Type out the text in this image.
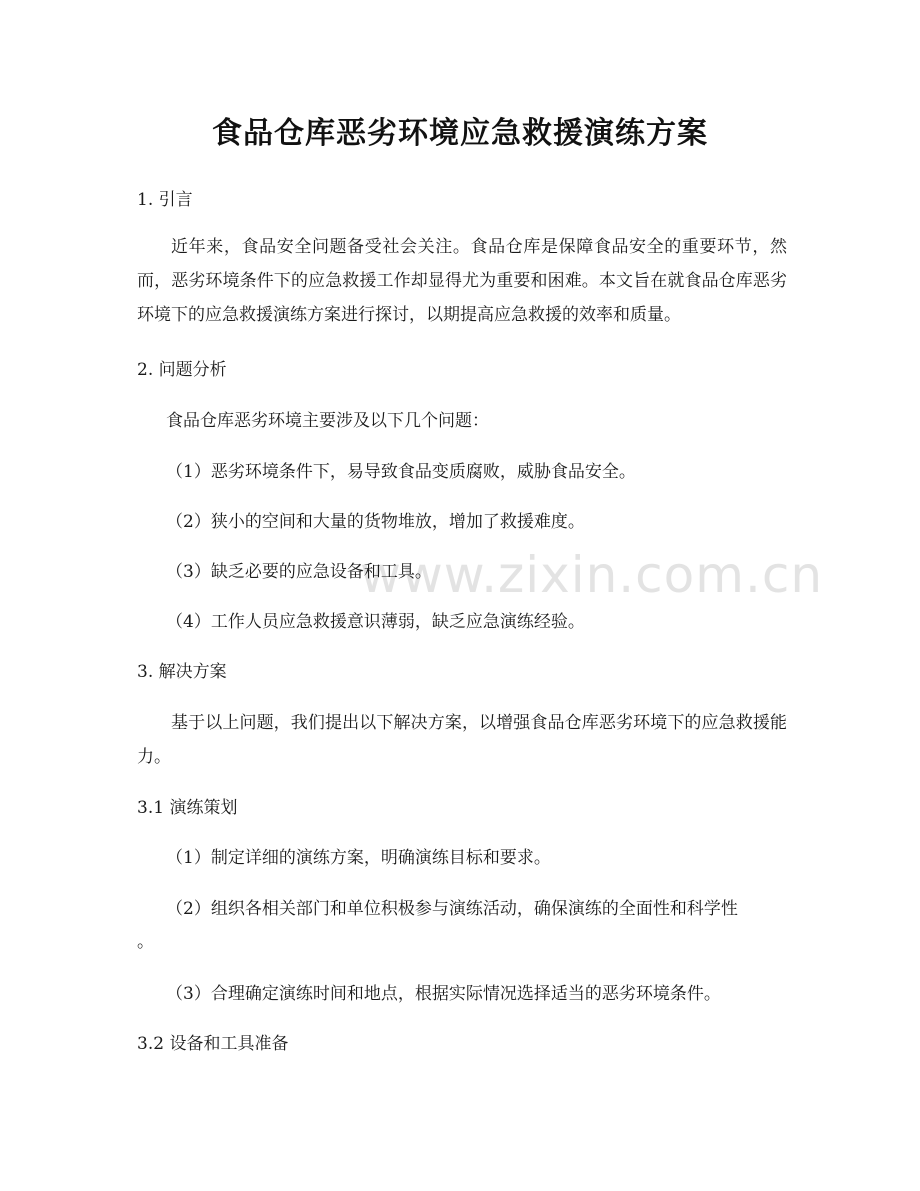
www.zixin.com.cn
食品仓库恶劣环境应急救援演练方案
1. 引言
近年来，食品安全问题备受社会关注。食品仓库是保障食品安全的重要环节，然而，恶劣环境条件下的应急救援工作却显得尤为重要和困难。本文旨在就食品仓库恶劣环境下的应急救援演练方案进行探讨，以期提高应急救援的效率和质量。
2. 问题分析
食品仓库恶劣环境主要涉及以下几个问题：
（1）恶劣环境条件下，易导致食品变质腐败，威胁食品安全。
（2）狭小的空间和大量的货物堆放，增加了救援难度。
（3）缺乏必要的应急设备和工具。
（4）工作人员应急救援意识薄弱，缺乏应急演练经验。
3. 解决方案
基于以上问题，我们提出以下解决方案，以增强食品仓库恶劣环境下的应急救援能力。
3.1 演练策划
（1）制定详细的演练方案，明确演练目标和要求。
（2）组织各相关部门和单位积极参与演练活动，确保演练的全面性和科学性
。
（3）合理确定演练时间和地点，根据实际情况选择适当的恶劣环境条件。
3.2 设备和工具准备
